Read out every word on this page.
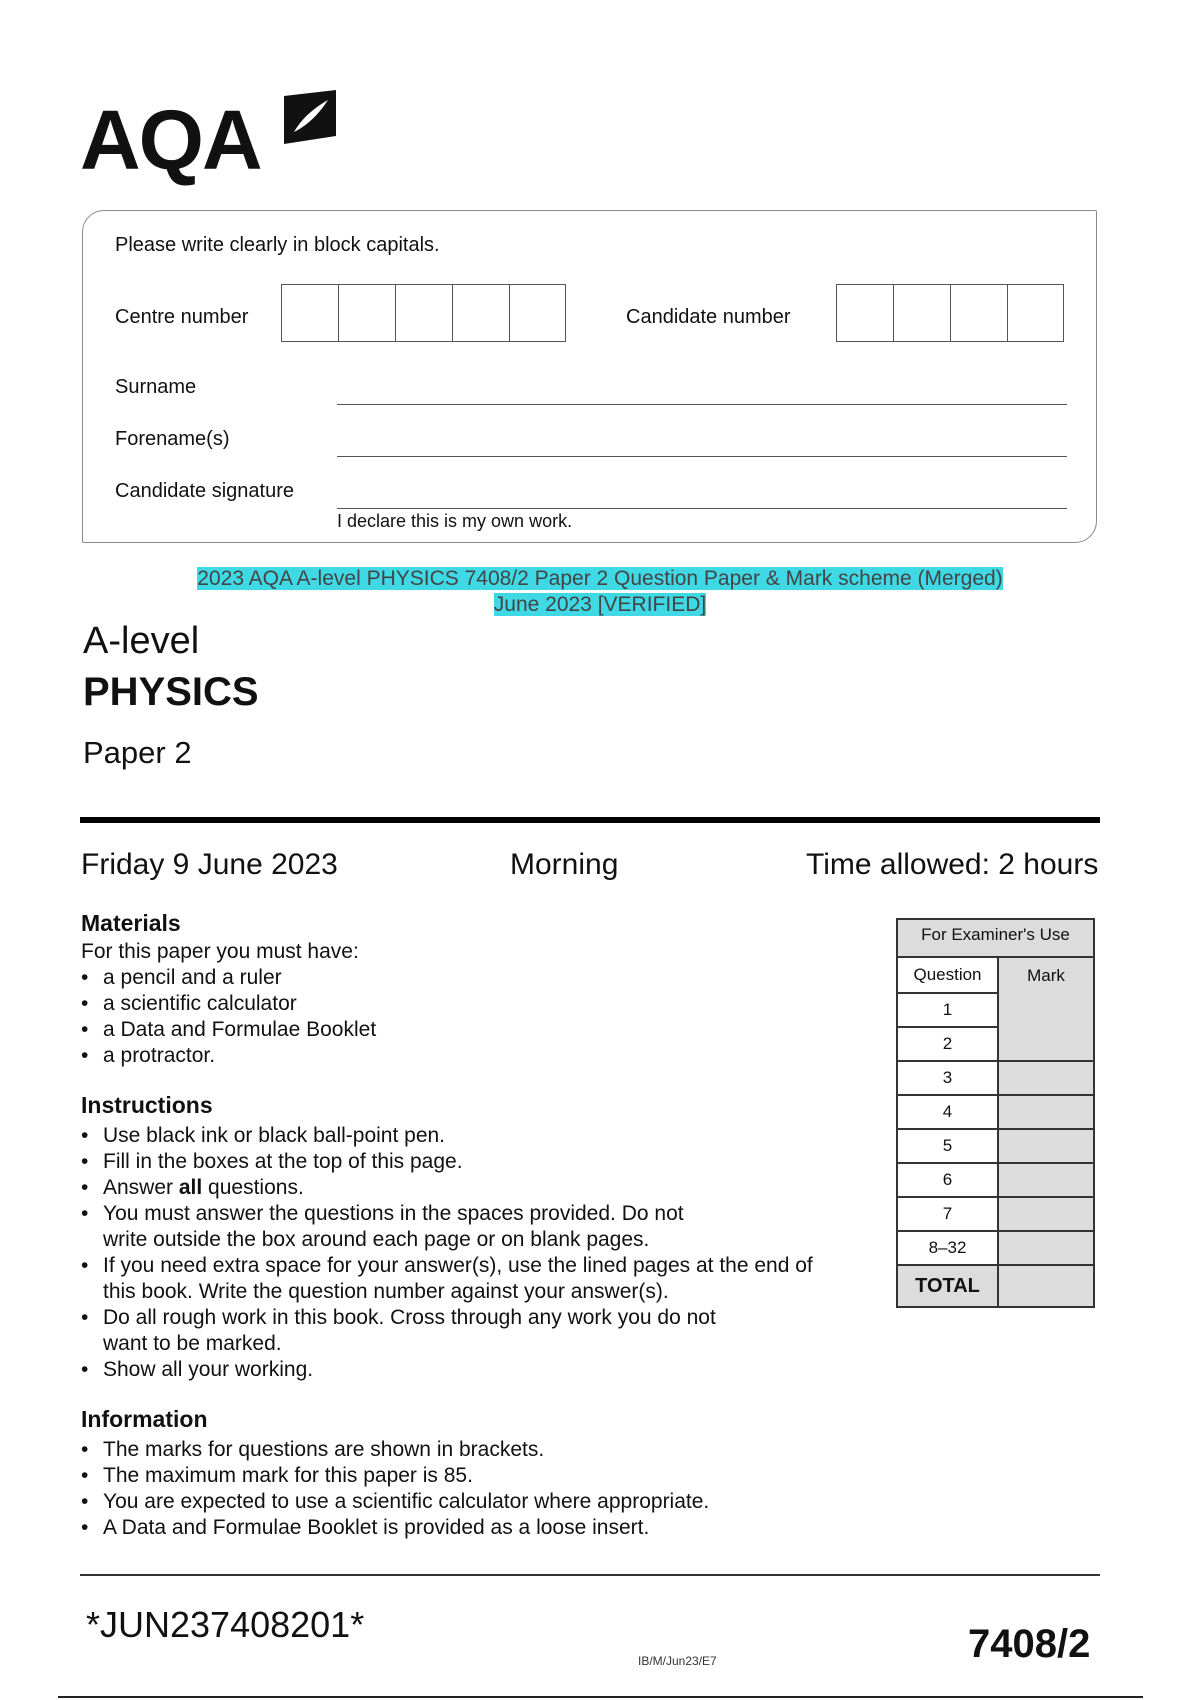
AQA
Please write clearly in block capitals.
Centre number	Candidate number
Surname
Forename(s)
Candidate signature
I declare this is my own work.
2023 AQA A-level PHYSICS 7408/2 Paper 2 Question Paper & Mark scheme (Merged)
June 2023 [VERIFIED]
A-level
PHYSICS
Paper 2
Friday 9 June 2023	Morning	Time allowed: 2 hours
Materials
For this paper you must have:
• a pencil and a ruler
• a scientific calculator
• a Data and Formulae Booklet
• a protractor.
Instructions
• Use black ink or black ball-point pen.
• Fill in the boxes at the top of this page.
• Answer all questions.
• You must answer the questions in the spaces provided. Do not
write outside the box around each page or on blank pages.
• If you need extra space for your answer(s), use the lined pages at the end of
this book. Write the question number against your answer(s).
• Do all rough work in this book. Cross through any work you do not
want to be marked.
• Show all your working.
Information
• The marks for questions are shown in brackets.
• The maximum mark for this paper is 85.
• You are expected to use a scientific calculator where appropriate.
• A Data and Formulae Booklet is provided as a loose insert.
For Examiner's Use
Question	Mark
1	
2	
3	
4	
5	
6	
7	
8–32	
TOTAL	
*JUN237408201*
IB/M/Jun23/E7	7408/2
